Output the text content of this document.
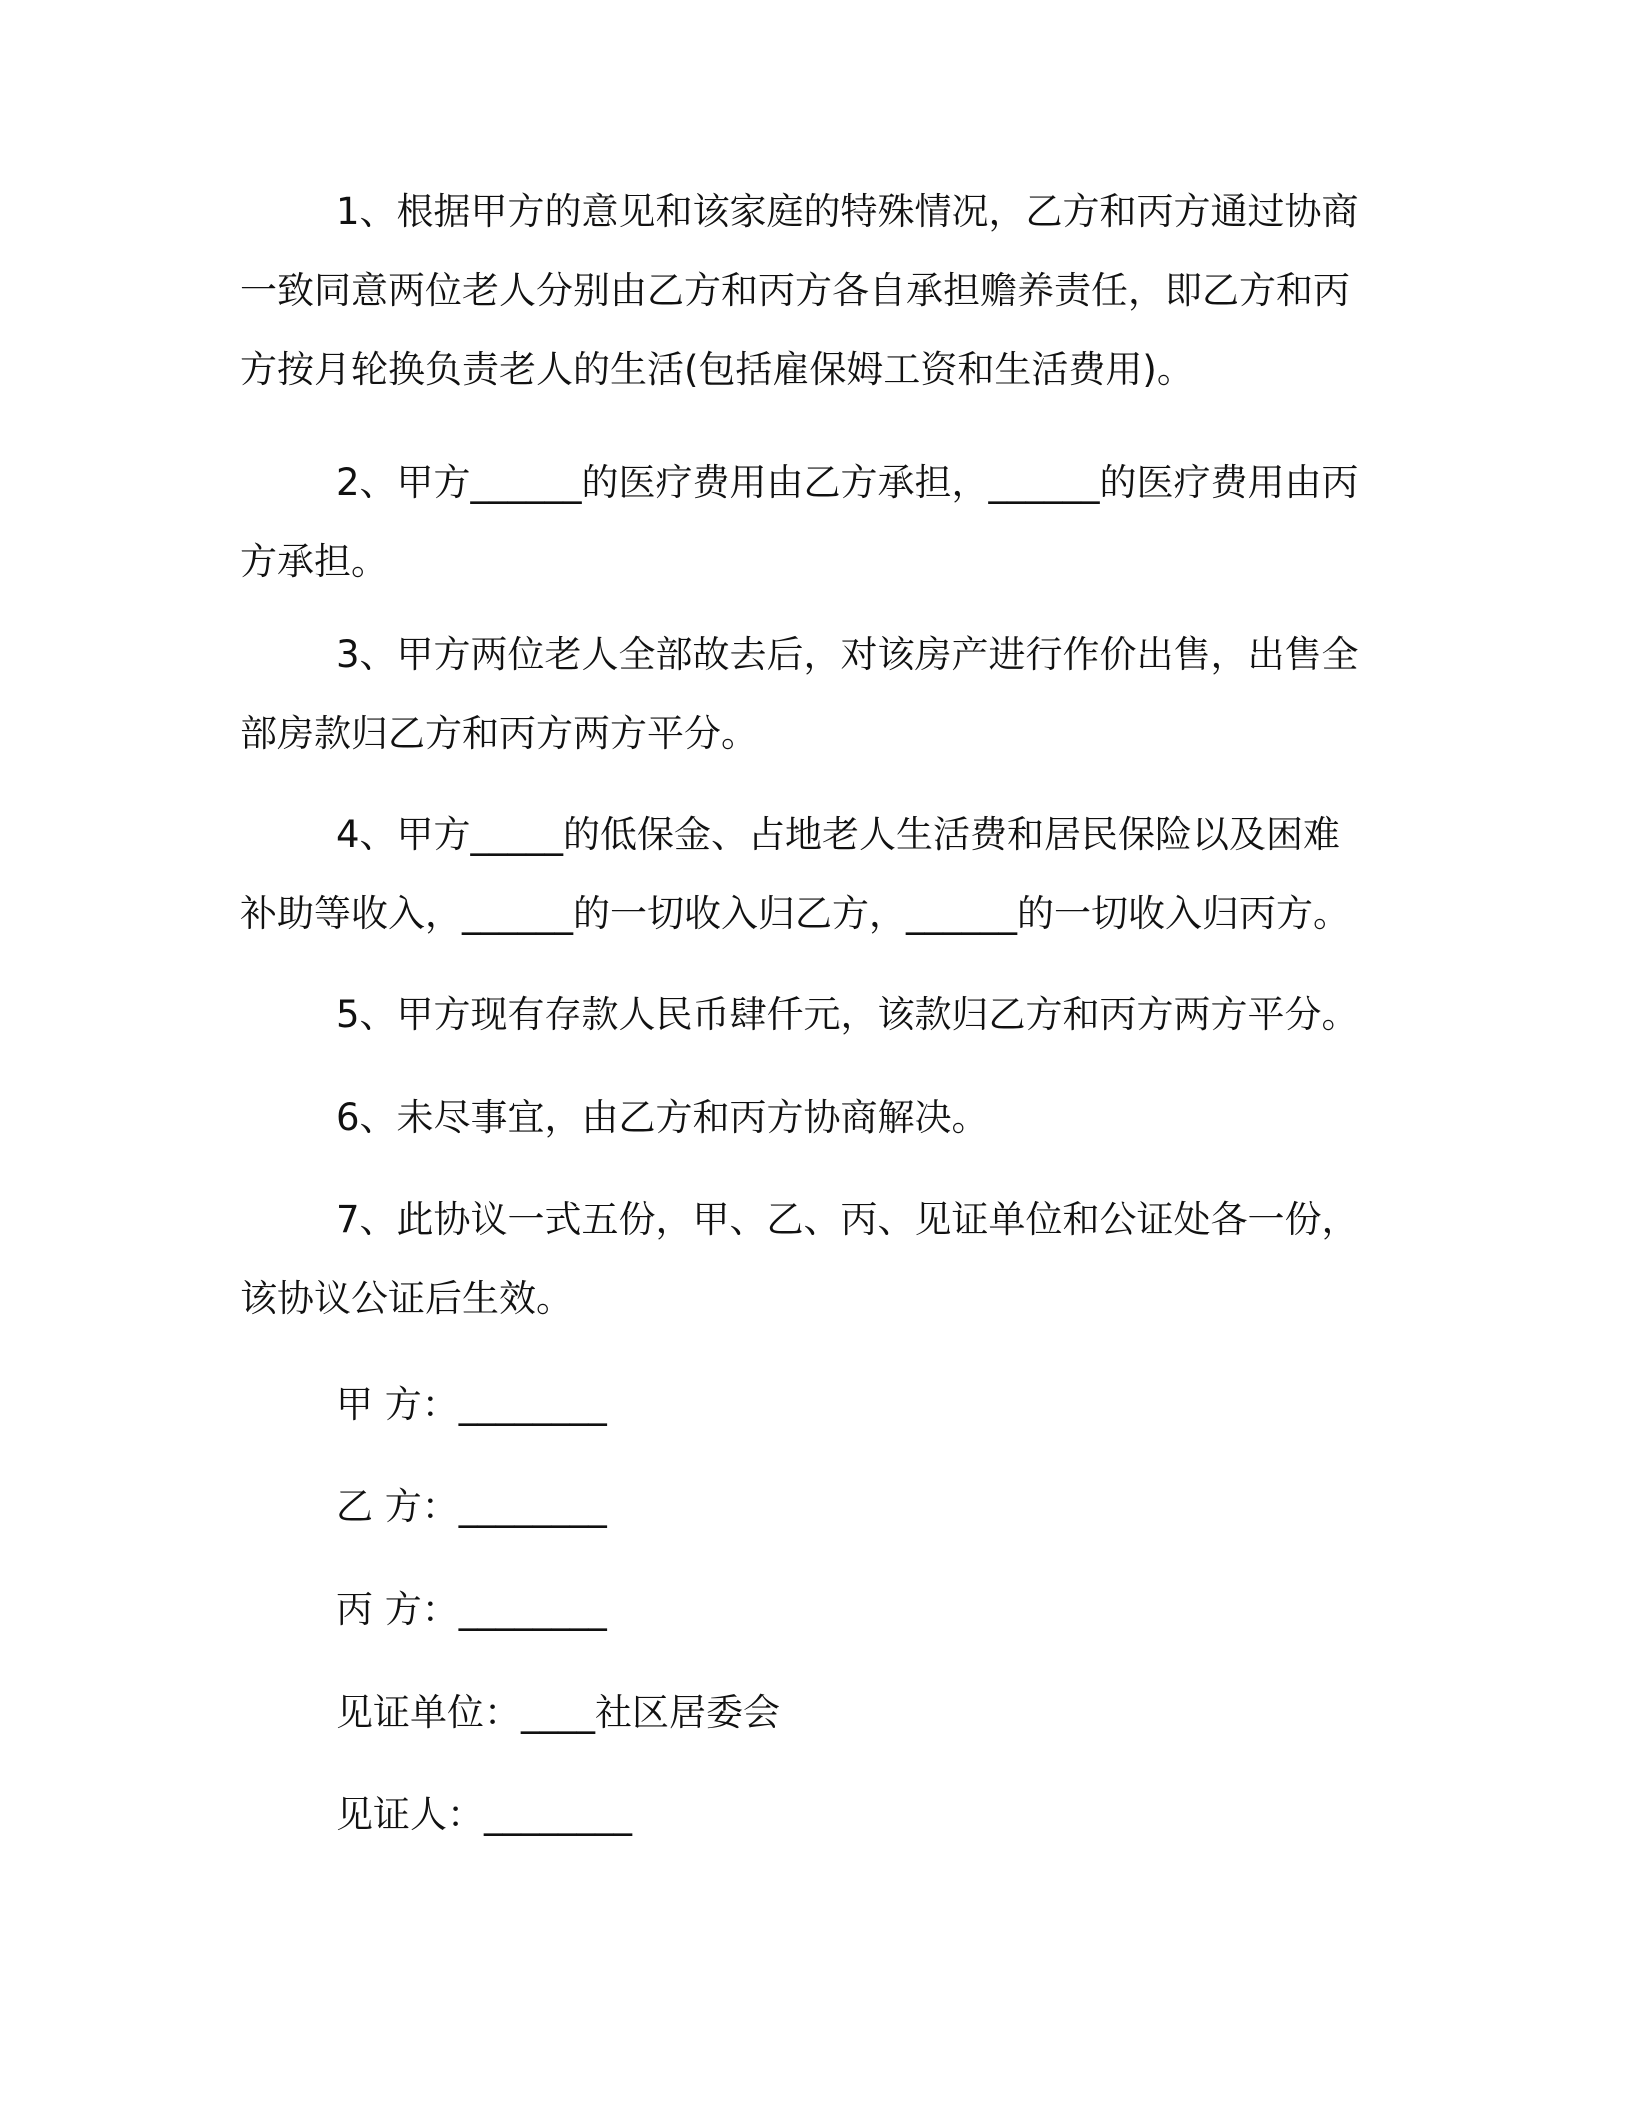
1、根据甲方的意见和该家庭的特殊情况，乙方和丙方通过协商一致同意两位老人分别由乙方和丙方各自承担赡养责任，即乙方和丙方按月轮换负责老人的生活(包括雇保姆工资和生活费用)。

2、甲方______的医疗费用由乙方承担，______的医疗费用由丙方承担。

3、甲方两位老人全部故去后，对该房产进行作价出售，出售全部房款归乙方和丙方两方平分。

4、甲方_____的低保金、占地老人生活费和居民保险以及困难补助等收入，______的一切收入归乙方，______的一切收入归丙方。

5、甲方现有存款人民币肆仟元，该款归乙方和丙方两方平分。

6、未尽事宜，由乙方和丙方协商解决。

7、此协议一式五份，甲、乙、丙、见证单位和公证处各一份，该协议公证后生效。

甲 方：________
乙 方：________
丙 方：________
见证单位：____社区居委会
见证人：________
